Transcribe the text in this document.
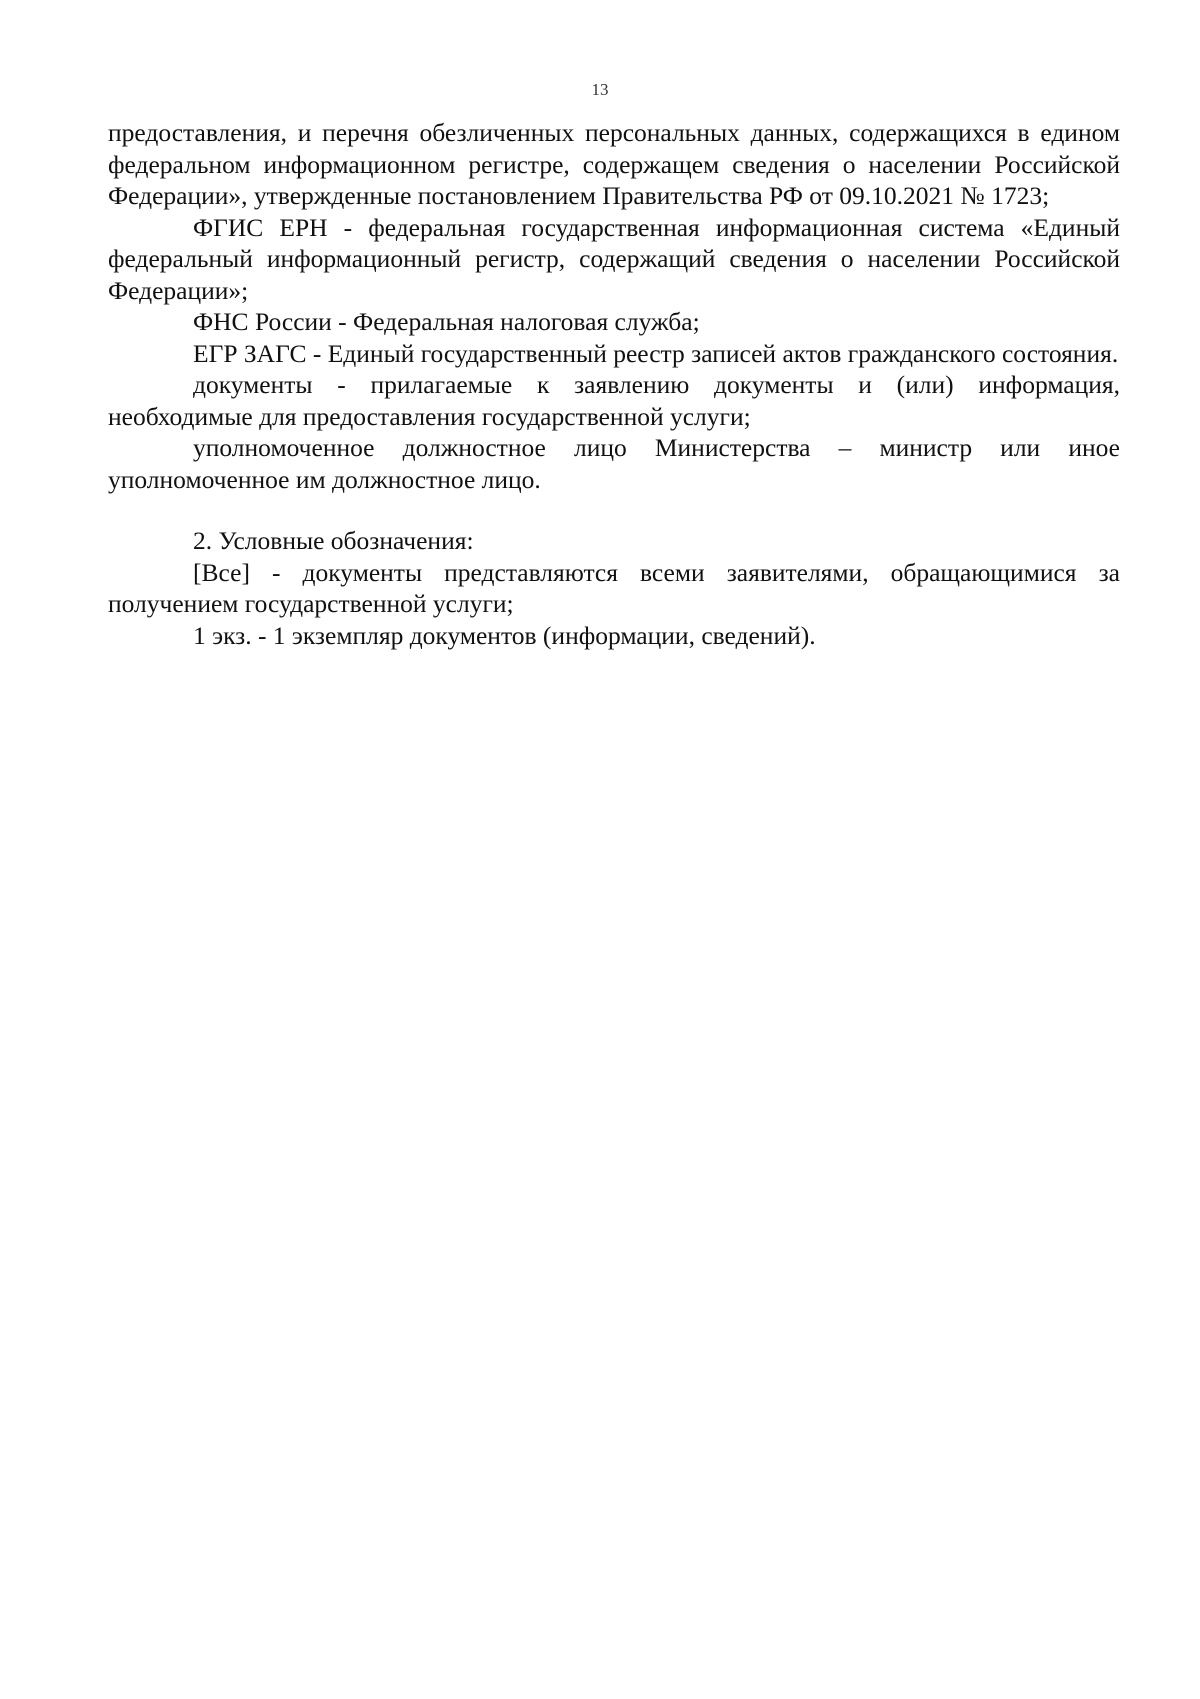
13

предоставления, и перечня обезличенных персональных данных, содержащихся в едином федеральном информационном регистре, содержащем сведения о населении Российской Федерации», утвержденные постановлением Правительства РФ от 09.10.2021 № 1723;

ФГИС ЕРН - федеральная государственная информационная система «Единый федеральный информационный регистр, содержащий сведения о населении Российской Федерации»;

ФНС России - Федеральная налоговая служба;

ЕГР ЗАГС - Единый государственный реестр записей актов гражданского состояния.

документы - прилагаемые к заявлению документы и (или) информация, необходимые для предоставления государственной услуги;

уполномоченное должностное лицо Министерства – министр или иное уполномоченное им должностное лицо.

2. Условные обозначения:

[Все] - документы представляются всеми заявителями, обращающимися за получением государственной услуги;

1 экз. - 1 экземпляр документов (информации, сведений).
